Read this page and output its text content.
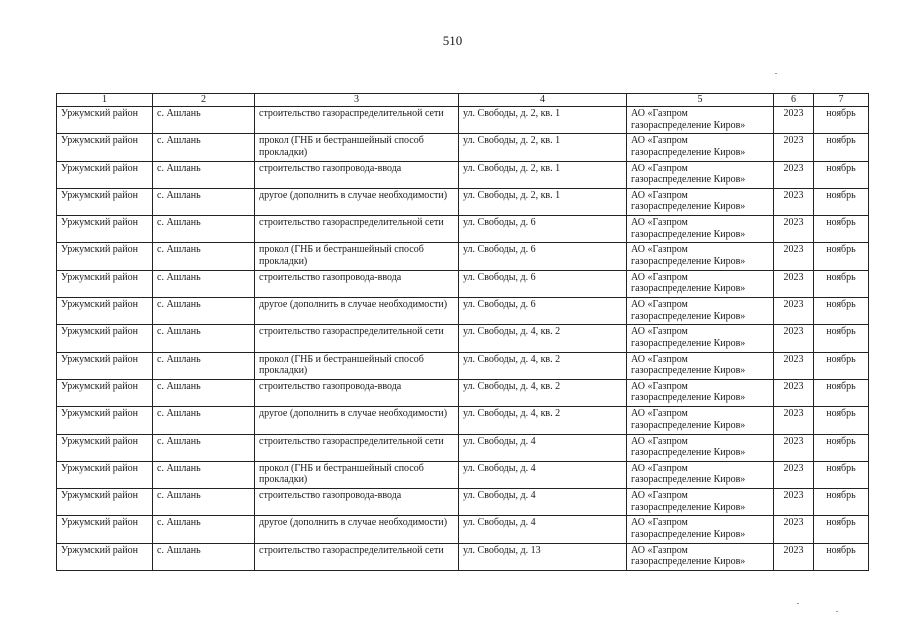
510
1	2	3	4	5	6	7
Уржумский район	с. Ашлань	строительство газораспределительной сети	ул. Свободы, д. 2, кв. 1	АО «Газпром газораспределение Киров»	2023	ноябрь
Уржумский район	с. Ашлань	прокол (ГНБ и бестраншейный способ прокладки)	ул. Свободы, д. 2, кв. 1	АО «Газпром газораспределение Киров»	2023	ноябрь
Уржумский район	с. Ашлань	строительство газопровода-ввода	ул. Свободы, д. 2, кв. 1	АО «Газпром газораспределение Киров»	2023	ноябрь
Уржумский район	с. Ашлань	другое (дополнить в случае необходимости)	ул. Свободы, д. 2, кв. 1	АО «Газпром газораспределение Киров»	2023	ноябрь
Уржумский район	с. Ашлань	строительство газораспределительной сети	ул. Свободы, д. 6	АО «Газпром газораспределение Киров»	2023	ноябрь
Уржумский район	с. Ашлань	прокол (ГНБ и бестраншейный способ прокладки)	ул. Свободы, д. 6	АО «Газпром газораспределение Киров»	2023	ноябрь
Уржумский район	с. Ашлань	строительство газопровода-ввода	ул. Свободы, д. 6	АО «Газпром газораспределение Киров»	2023	ноябрь
Уржумский район	с. Ашлань	другое (дополнить в случае необходимости)	ул. Свободы, д. 6	АО «Газпром газораспределение Киров»	2023	ноябрь
Уржумский район	с. Ашлань	строительство газораспределительной сети	ул. Свободы, д. 4, кв. 2	АО «Газпром газораспределение Киров»	2023	ноябрь
Уржумский район	с. Ашлань	прокол (ГНБ и бестраншейный способ прокладки)	ул. Свободы, д. 4, кв. 2	АО «Газпром газораспределение Киров»	2023	ноябрь
Уржумский район	с. Ашлань	строительство газопровода-ввода	ул. Свободы, д. 4, кв. 2	АО «Газпром газораспределение Киров»	2023	ноябрь
Уржумский район	с. Ашлань	другое (дополнить в случае необходимости)	ул. Свободы, д. 4, кв. 2	АО «Газпром газораспределение Киров»	2023	ноябрь
Уржумский район	с. Ашлань	строительство газораспределительной сети	ул. Свободы, д. 4	АО «Газпром газораспределение Киров»	2023	ноябрь
Уржумский район	с. Ашлань	прокол (ГНБ и бестраншейный способ прокладки)	ул. Свободы, д. 4	АО «Газпром газораспределение Киров»	2023	ноябрь
Уржумский район	с. Ашлань	строительство газопровода-ввода	ул. Свободы, д. 4	АО «Газпром газораспределение Киров»	2023	ноябрь
Уржумский район	с. Ашлань	другое (дополнить в случае необходимости)	ул. Свободы, д. 4	АО «Газпром газораспределение Киров»	2023	ноябрь
Уржумский район	с. Ашлань	строительство газораспределительной сети	ул. Свободы, д. 13	АО «Газпром газораспределение Киров»	2023	ноябрь
